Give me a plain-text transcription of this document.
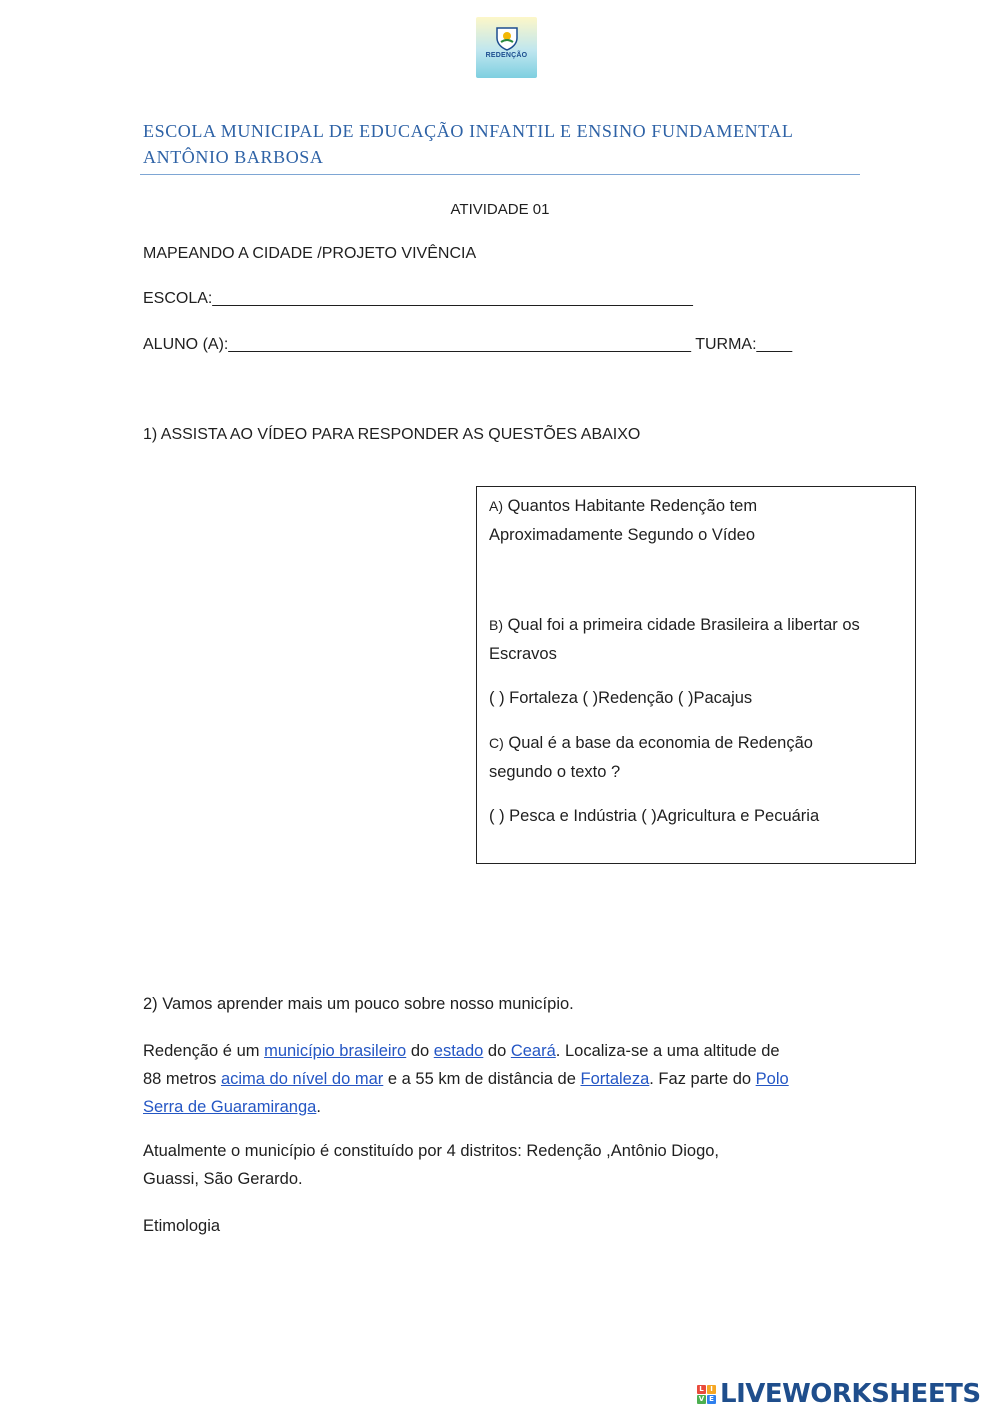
REDENÇÃO
ESCOLA MUNICIPAL DE EDUCAÇÃO INFANTIL E ENSINO FUNDAMENTAL
ANTÔNIO BARBOSA
ATIVIDADE 01
MAPEANDO A CIDADE /PROJETO VIVÊNCIA
ESCOLA:______________________________________________________
ALUNO (A):____________________________________________________ TURMA:____
1) ASSISTA AO VÍDEO PARA RESPONDER AS QUESTÕES ABAIXO
A) Quantos Habitante Redenção tem
Aproximadamente Segundo o Vídeo
B) Qual foi a primeira cidade Brasileira a libertar os
Escravos
( ) Fortaleza ( )Redenção ( )Pacajus
C) Qual é a base da economia de Redenção
segundo o texto ?
( ) Pesca e Indústria ( )Agricultura e Pecuária
2) Vamos aprender mais um pouco sobre nosso município.
Redenção é um município brasileiro do estado do Ceará. Localiza-se a uma altitude de
88 metros acima do nível do mar e a 55 km de distância de Fortaleza. Faz parte do Polo
Serra de Guaramiranga.
Atualmente o município é constituído por 4 distritos: Redenção ,Antônio Diogo,
Guassi, São Gerardo.
Etimologia
L I
V E LIVEWORKSHEETS
